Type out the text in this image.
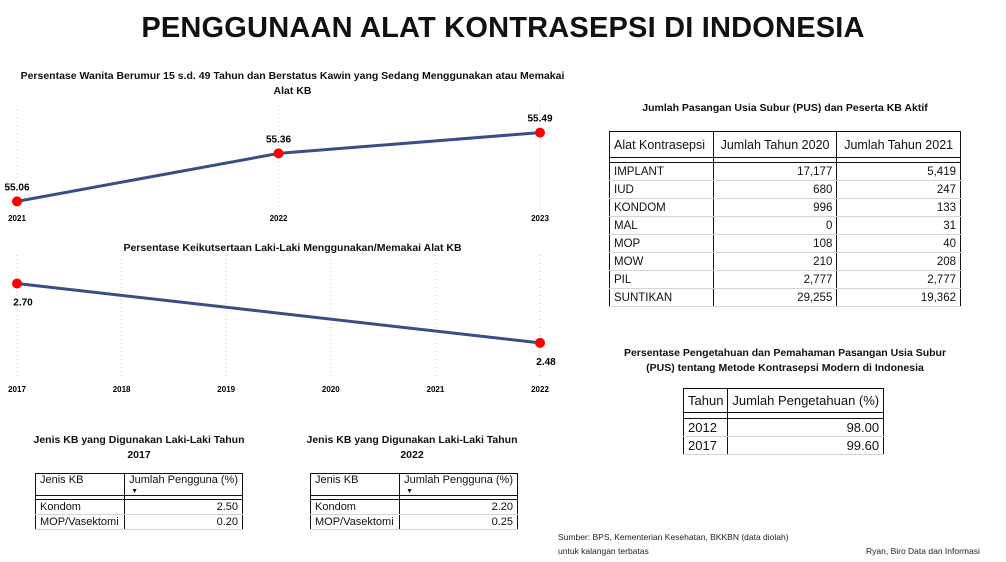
PENGGUNAAN ALAT KONTRASEPSI DI INDONESIA
Persentase Wanita Berumur 15 s.d. 49 Tahun dan Berstatus Kawin yang Sedang Menggunakan atau Memakai Alat KB
55.06
2021
55.36
2022
55.49
2023
Persentase Keikutsertaan Laki-Laki Menggunakan/Memakai Alat KB
2017	2018	2019	2020	2021	2022
2.70
2.48
Jumlah Pasangan Usia Subur (PUS) dan Peserta KB Aktif
Alat Kontrasepsi	Jumlah Tahun 2020	Jumlah Tahun 2021

IMPLANT	17,177	5,419
IUD	680	247
KONDOM	996	133
MAL	0	31
MOP	108	40
MOW	210	208
PIL	2,777	2,777
SUNTIKAN	29,255	19,362
Persentase Pengetahuan dan Pemahaman Pasangan Usia Subur (PUS) tentang Metode Kontrasepsi Modern di Indonesia
Tahun	Jumlah Pengetahuan (%)

2012	98.00
2017	99.60
Jenis KB yang Digunakan Laki-Laki Tahun 2017
Jenis KB	Jumlah Pengguna (%)
▼

Kondom	2.50
MOP/Vasektomi	0.20
Jenis KB yang Digunakan Laki-Laki Tahun 2022
Jenis KB	Jumlah Pengguna (%)
▼

Kondom	2.20
MOP/Vasektomi	0.25
Sumber: BPS, Kementerian Kesehatan, BKKBN (data diolah)
untuk kalangan terbatas	Ryan, Biro Data dan Informasi
